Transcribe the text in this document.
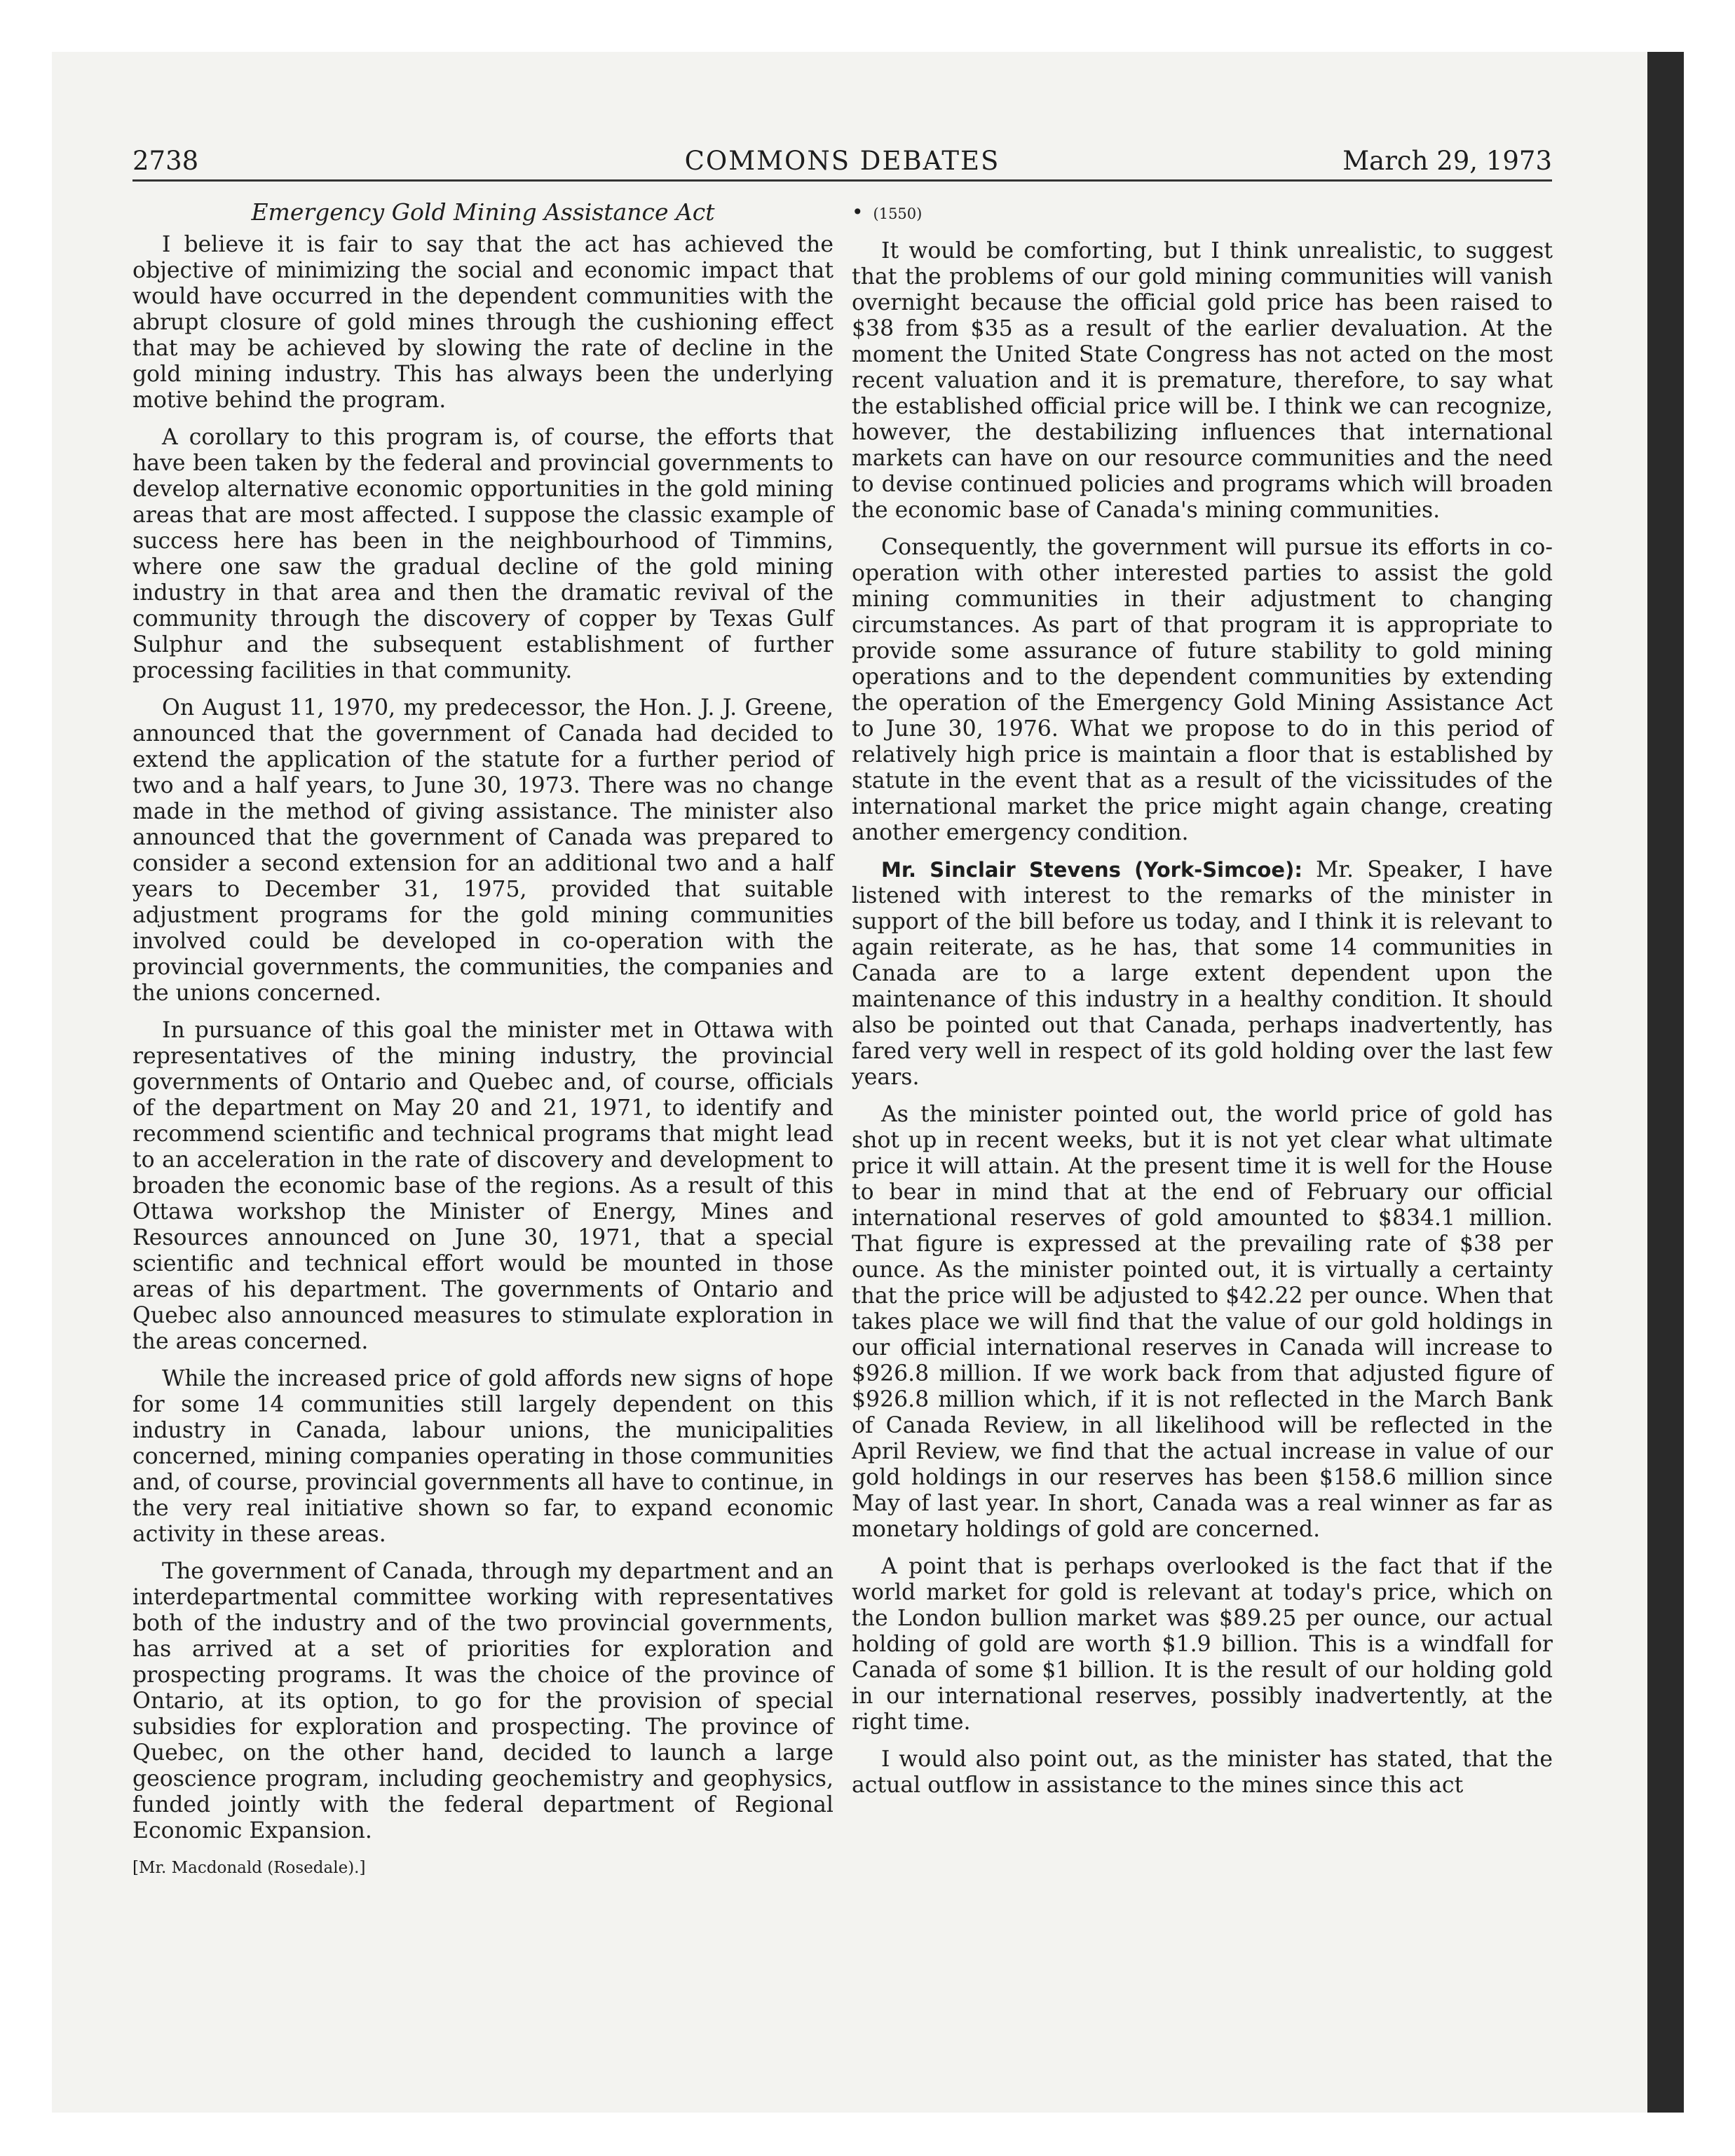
2738	COMMONS DEBATES	March 29, 1973
Emergency Gold Mining Assistance Act

I believe it is fair to say that the act has achieved the objective of minimizing the social and economic impact that would have occurred in the dependent communities with the abrupt closure of gold mines through the cushioning effect that may be achieved by slowing the rate of decline in the gold mining industry. This has always been the underlying motive behind the program.

A corollary to this program is, of course, the efforts that have been taken by the federal and provincial governments to develop alternative economic opportunities in the gold mining areas that are most affected. I suppose the classic example of success here has been in the neighbourhood of Timmins, where one saw the gradual decline of the gold mining industry in that area and then the dramatic revival of the community through the discovery of copper by Texas Gulf Sulphur and the subsequent establishment of further processing facilities in that community.

On August 11, 1970, my predecessor, the Hon. J. J. Greene, announced that the government of Canada had decided to extend the application of the statute for a further period of two and a half years, to June 30, 1973. There was no change made in the method of giving assistance. The minister also announced that the government of Canada was prepared to consider a second extension for an additional two and a half years to December 31, 1975, provided that suitable adjustment programs for the gold mining communities involved could be developed in co-operation with the provincial governments, the communities, the companies and the unions concerned.

In pursuance of this goal the minister met in Ottawa with representatives of the mining industry, the provincial governments of Ontario and Quebec and, of course, officials of the department on May 20 and 21, 1971, to identify and recommend scientific and technical programs that might lead to an acceleration in the rate of discovery and development to broaden the economic base of the regions. As a result of this Ottawa workshop the Minister of Energy, Mines and Resources announced on June 30, 1971, that a special scientific and technical effort would be mounted in those areas of his department. The governments of Ontario and Quebec also announced measures to stimulate exploration in the areas concerned.

While the increased price of gold affords new signs of hope for some 14 communities still largely dependent on this industry in Canada, labour unions, the municipalities concerned, mining companies operating in those communities and, of course, provincial governments all have to continue, in the very real initiative shown so far, to expand economic activity in these areas.

The government of Canada, through my department and an interdepartmental committee working with representatives both of the industry and of the two provincial governments, has arrived at a set of priorities for exploration and prospecting programs. It was the choice of the province of Ontario, at its option, to go for the provision of special subsidies for exploration and prospecting. The province of Quebec, on the other hand, decided to launch a large geoscience program, including geochemistry and geophysics, funded jointly with the federal department of Regional Economic Expansion.

[Mr. Macdonald (Rosedale).]

• (1550)

It would be comforting, but I think unrealistic, to suggest that the problems of our gold mining communities will vanish overnight because the official gold price has been raised to $38 from $35 as a result of the earlier devaluation. At the moment the United State Congress has not acted on the most recent valuation and it is premature, therefore, to say what the established official price will be. I think we can recognize, however, the destabilizing influences that international markets can have on our resource communities and the need to devise continued policies and programs which will broaden the economic base of Canada's mining communities.

Consequently, the government will pursue its efforts in co-operation with other interested parties to assist the gold mining communities in their adjustment to changing circumstances. As part of that program it is appropriate to provide some assurance of future stability to gold mining operations and to the dependent communities by extending the operation of the Emergency Gold Mining Assistance Act to June 30, 1976. What we propose to do in this period of relatively high price is maintain a floor that is established by statute in the event that as a result of the vicissitudes of the international market the price might again change, creating another emergency condition.

Mr. Sinclair Stevens (York-Simcoe): Mr. Speaker, I have listened with interest to the remarks of the minister in support of the bill before us today, and I think it is relevant to again reiterate, as he has, that some 14 communities in Canada are to a large extent dependent upon the maintenance of this industry in a healthy condition. It should also be pointed out that Canada, perhaps inadvertently, has fared very well in respect of its gold holding over the last few years.

As the minister pointed out, the world price of gold has shot up in recent weeks, but it is not yet clear what ultimate price it will attain. At the present time it is well for the House to bear in mind that at the end of February our official international reserves of gold amounted to $834.1 million. That figure is expressed at the prevailing rate of $38 per ounce. As the minister pointed out, it is virtually a certainty that the price will be adjusted to $42.22 per ounce. When that takes place we will find that the value of our gold holdings in our official international reserves in Canada will increase to $926.8 million. If we work back from that adjusted figure of $926.8 million which, if it is not reflected in the March Bank of Canada Review, in all likelihood will be reflected in the April Review, we find that the actual increase in value of our gold holdings in our reserves has been $158.6 million since May of last year. In short, Canada was a real winner as far as monetary holdings of gold are concerned.

A point that is perhaps overlooked is the fact that if the world market for gold is relevant at today's price, which on the London bullion market was $89.25 per ounce, our actual holding of gold are worth $1.9 billion. This is a windfall for Canada of some $1 billion. It is the result of our holding gold in our international reserves, possibly inadvertently, at the right time.

I would also point out, as the minister has stated, that the actual outflow in assistance to the mines since this act
